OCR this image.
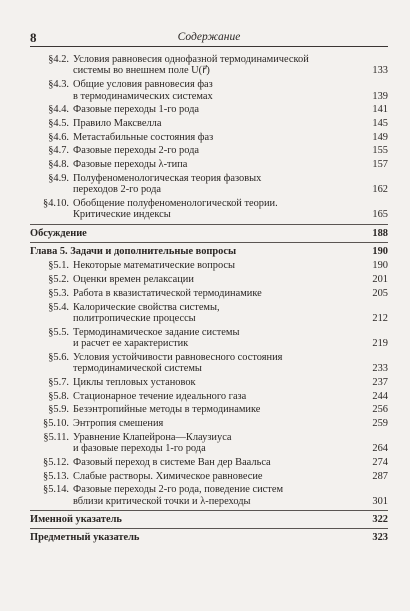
8	Содержание
§4.2. Условия равновесия однофазной термодинамической
системы во внешнем поле U(r⃗)	133
§4.3. Общие условия равновесия фаз
в термодинамических системах	139
§4.4. Фазовые переходы 1-го рода	141
§4.5. Правило Максвелла	145
§4.6. Метастабильные состояния фаз	149
§4.7. Фазовые переходы 2-го рода	155
§4.8. Фазовые переходы λ-типа	157
§4.9. Полуфеноменологическая теория фазовых
переходов 2-го рода	162
§4.10. Обобщение полуфеноменологической теории.
Критические индексы	165
Обсуждение	188
Глава 5. Задачи и дополнительные вопросы	190
§5.1. Некоторые математические вопросы	190
§5.2. Оценки времен релаксации	201
§5.3. Работа в квазистатической термодинамике	205
§5.4. Калорические свойства системы,
политропические процессы	212
§5.5. Термодинамическое задание системы
и расчет ее характеристик	219
§5.6. Условия устойчивости равновесного состояния
термодинамической системы	233
§5.7. Циклы тепловых установок	237
§5.8. Стационарное течение идеального газа	244
§5.9. Безэнтропийные методы в термодинамике	256
§5.10. Энтропия смешения	259
§5.11. Уравнение Клапейрона—Клаузиуса
и фазовые переходы 1-го рода	264
§5.12. Фазовый переход в системе Ван дер Ваальса	274
§5.13. Слабые растворы. Химическое равновесие	287
§5.14. Фазовые переходы 2-го рода, поведение систем
вблизи критической точки и λ-переходы	301
Именной указатель	322
Предметный указатель	323
